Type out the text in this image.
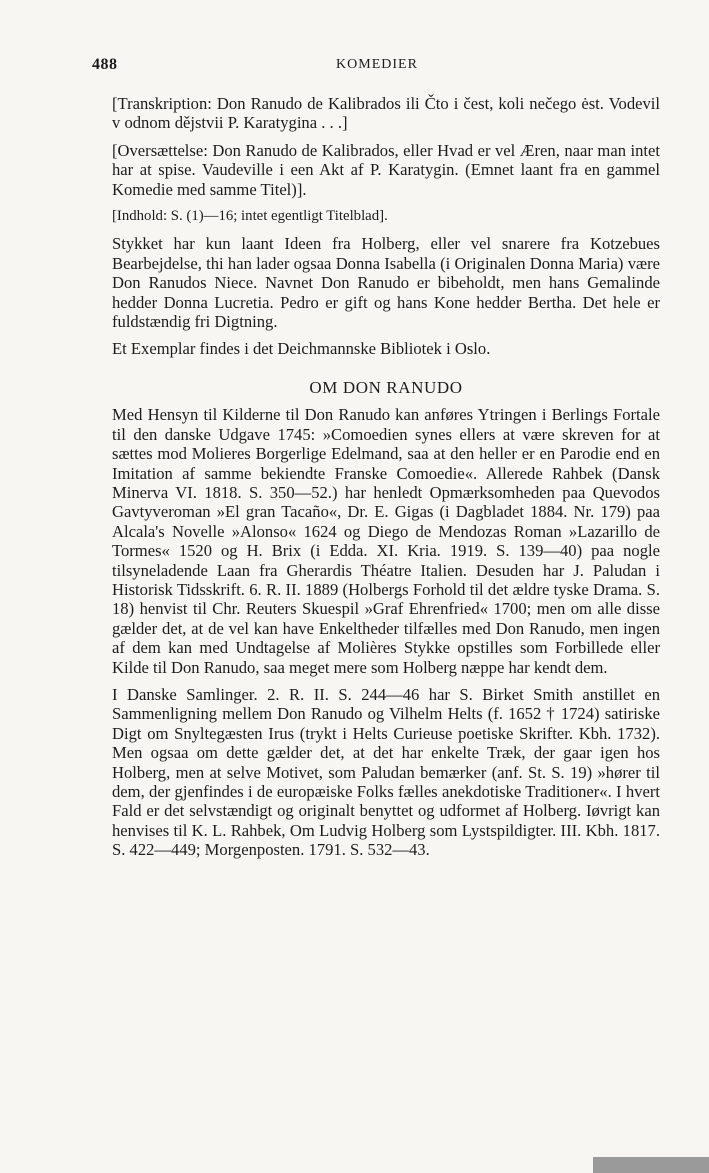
488	KOMEDIER

[Transkription: Don Ranudo de Kalibrados ili Čto i čest, koli nečego ėst. Vodevil v odnom dějstvii P. Karatygina . . .]

[Oversættelse: Don Ranudo de Kalibrados, eller Hvad er vel Æren, naar man intet har at spise. Vaudeville i een Akt af P. Karatygin. (Emnet laant fra en gammel Komedie med samme Titel)].

[Indhold: S. (1)—16; intet egentligt Titelblad].

Stykket har kun laant Ideen fra Holberg, eller vel snarere fra Kotzebues Bearbejdelse, thi han lader ogsaa Donna Isabella (i Originalen Donna Maria) være Don Ranudos Niece. Navnet Don Ranudo er bibeholdt, men hans Gemalinde hedder Donna Lucretia. Pedro er gift og hans Kone hedder Bertha. Det hele er fuldstændig fri Digtning.

Et Exemplar findes i det Deichmannske Bibliotek i Oslo.

OM DON RANUDO

Med Hensyn til Kilderne til Don Ranudo kan anføres Ytringen i Berlings Fortale til den danske Udgave 1745: »Comoedien synes ellers at være skreven for at sættes mod Molieres Borgerlige Edelmand, saa at den heller er en Parodie end en Imitation af samme bekiendte Franske Comoedie«. Allerede Rahbek (Dansk Minerva VI. 1818. S. 350—52.) har henledt Opmærksomheden paa Quevodos Gavtyveroman »El gran Tacaño«, Dr. E. Gigas (i Dagbladet 1884. Nr. 179) paa Alcala's Novelle »Alonso« 1624 og Diego de Mendozas Roman »Lazarillo de Tormes« 1520 og H. Brix (i Edda. XI. Kria. 1919. S. 139—40) paa nogle tilsyneladende Laan fra Gherardis Théatre Italien. Desuden har J. Paludan i Historisk Tidsskrift. 6. R. II. 1889 (Holbergs Forhold til det ældre tyske Drama. S. 18) henvist til Chr. Reuters Skuespil »Graf Ehrenfried« 1700; men om alle disse gælder det, at de vel kan have Enkeltheder tilfælles med Don Ranudo, men ingen af dem kan med Undtagelse af Molières Stykke opstilles som Forbillede eller Kilde til Don Ranudo, saa meget mere som Holberg næppe har kendt dem.

I Danske Samlinger. 2. R. II. S. 244—46 har S. Birket Smith anstillet en Sammenligning mellem Don Ranudo og Vilhelm Helts (f. 1652 † 1724) satiriske Digt om Snyltegæsten Irus (trykt i Helts Curieuse poetiske Skrifter. Kbh. 1732). Men ogsaa om dette gælder det, at det har enkelte Træk, der gaar igen hos Holberg, men at selve Motivet, som Paludan bemærker (anf. St. S. 19) »hører til dem, der gjenfindes i de europæiske Folks fælles anekdotiske Traditioner«. I hvert Fald er det selvstændigt og originalt benyttet og udformet af Holberg. Iøvrigt kan henvises til K. L. Rahbek, Om Ludvig Holberg som Lystspildigter. III. Kbh. 1817. S. 422—449; Morgenposten. 1791. S. 532—43.
